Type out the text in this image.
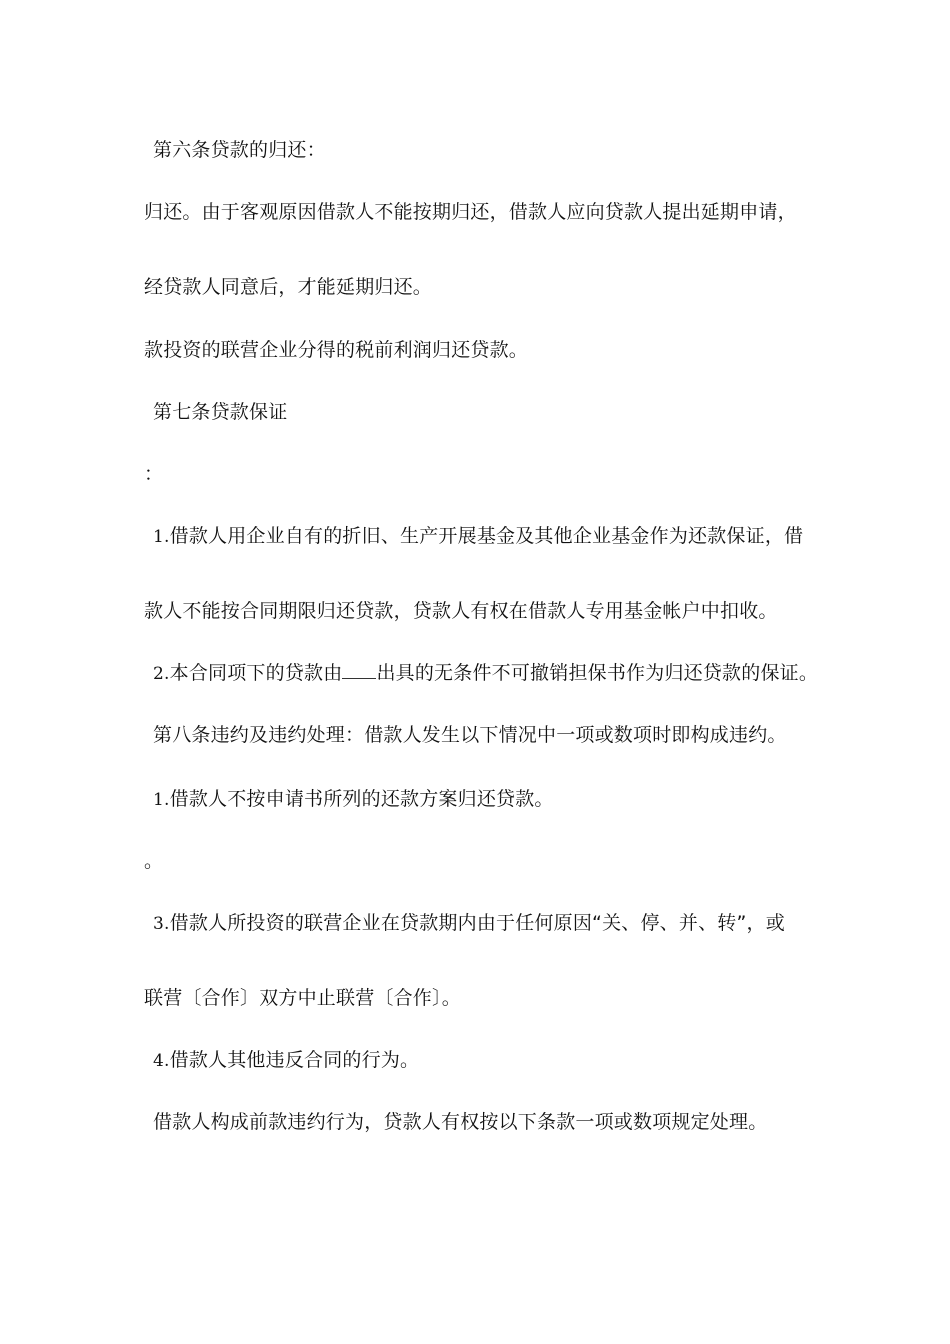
第六条贷款的归还：
归还。由于客观原因借款人不能按期归还，借款人应向贷款人提出延期申请，
经贷款人同意后，才能延期归还。
款投资的联营企业分得的税前利润归还贷款。
第七条贷款保证
：
1.借款人用企业自有的折旧、生产开展基金及其他企业基金作为还款保证，借
款人不能按合同期限归还贷款，贷款人有权在借款人专用基金帐户中扣收。
2.本合同项下的贷款由 出具的无条件不可撤销担保书作为归还贷款的保证。
第八条违约及违约处理：借款人发生以下情况中一项或数项时即构成违约。
1.借款人不按申请书所列的还款方案归还贷款。
。
3.借款人所投资的联营企业在贷款期内由于任何原因“关、停、并、转”，或
联营〔合作〕双方中止联营〔合作〕。
4.借款人其他违反合同的行为。
借款人构成前款违约行为，贷款人有权按以下条款一项或数项规定处理。
